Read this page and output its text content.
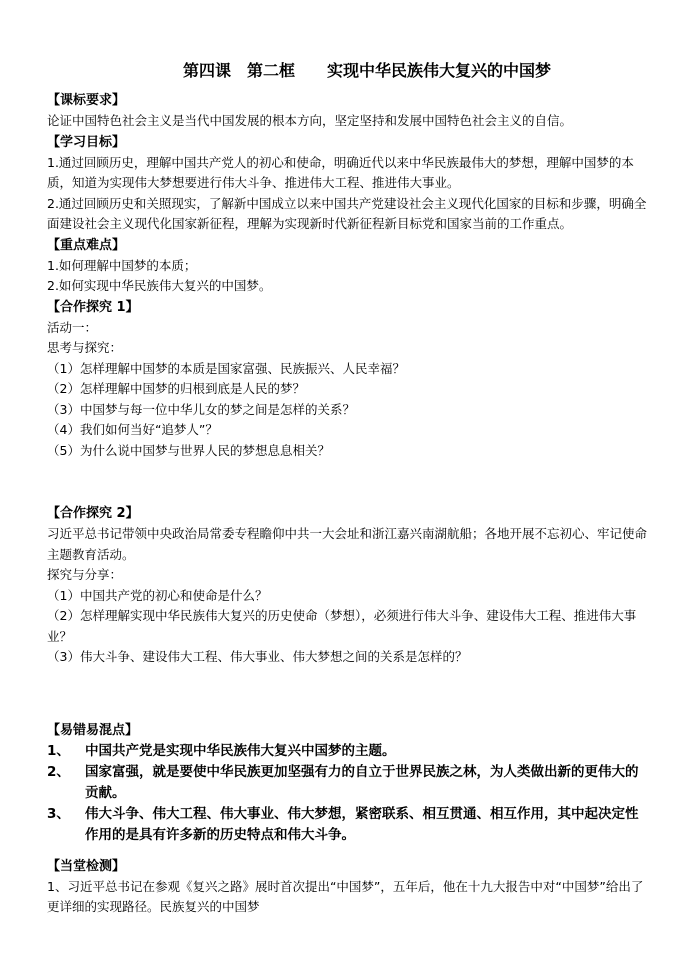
第四课　第二框　　实现中华民族伟大复兴的中国梦
【课标要求】
论证中国特色社会主义是当代中国发展的根本方向，坚定坚持和发展中国特色社会主义的自信。
【学习目标】
1.通过回顾历史，理解中国共产党人的初心和使命，明确近代以来中华民族最伟大的梦想，理解中国梦的本质，知道为实现伟大梦想要进行伟大斗争、推进伟大工程、推进伟大事业。
2.通过回顾历史和关照现实，了解新中国成立以来中国共产党建设社会主义现代化国家的目标和步骤，明确全面建设社会主义现代化国家新征程，理解为实现新时代新征程新目标党和国家当前的工作重点。
【重点难点】
1.如何理解中国梦的本质；
2.如何实现中华民族伟大复兴的中国梦。
【合作探究 1】
活动一：
思考与探究：
（1）怎样理解中国梦的本质是国家富强、民族振兴、人民幸福？
（2）怎样理解中国梦的归根到底是人民的梦？
（3）中国梦与每一位中华儿女的梦之间是怎样的关系？
（4）我们如何当好“追梦人”？
（5）为什么说中国梦与世界人民的梦想息息相关？
【合作探究 2】
习近平总书记带领中央政治局常委专程瞻仰中共一大会址和浙江嘉兴南湖航船；各地开展不忘初心、牢记使命主题教育活动。
探究与分享：
（1）中国共产党的初心和使命是什么？
（2）怎样理解实现中华民族伟大复兴的历史使命（梦想），必须进行伟大斗争、建设伟大工程、推进伟大事业？
（3）伟大斗争、建设伟大工程、伟大事业、伟大梦想之间的关系是怎样的？
【易错易混点】
1、	中国共产党是实现中华民族伟大复兴中国梦的主题。
2、	国家富强，就是要使中华民族更加坚强有力的自立于世界民族之林，为人类做出新的更伟大的贡献。
3、	伟大斗争、伟大工程、伟大事业、伟大梦想，紧密联系、相互贯通、相互作用，其中起决定性作用的是具有许多新的历史特点和伟大斗争。
【当堂检测】
1、习近平总书记在参观《复兴之路》展时首次提出“中国梦”，五年后，他在十九大报告中对“中国梦”给出了更详细的实现路径。民族复兴的中国梦
